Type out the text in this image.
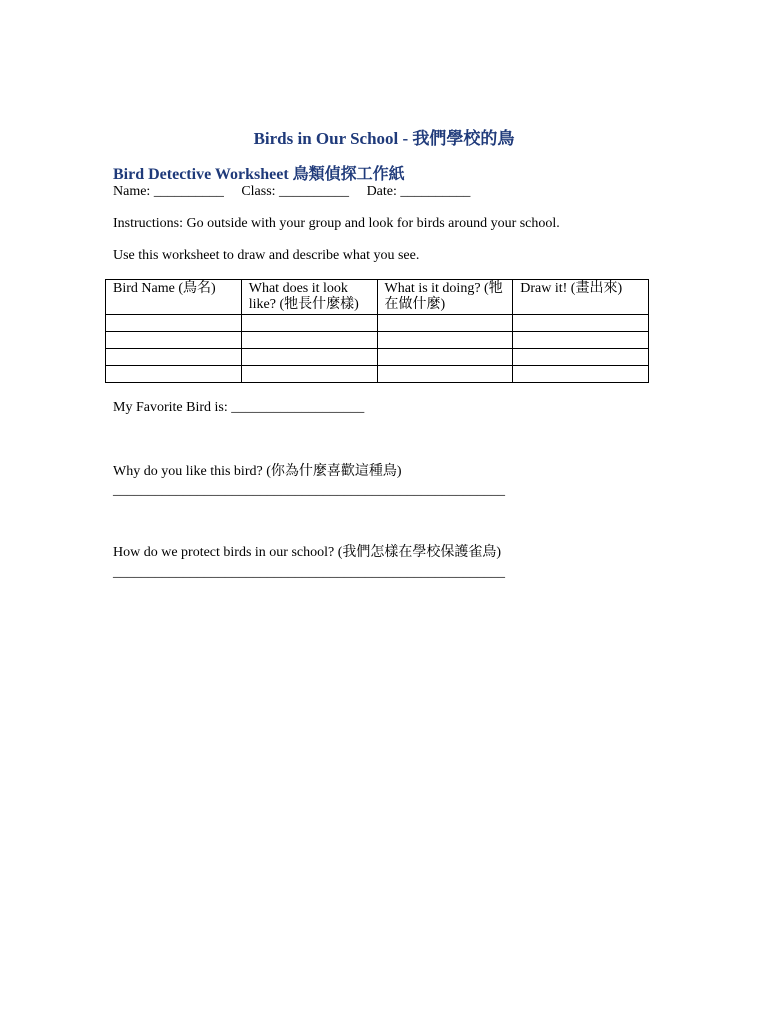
Birds in Our School - 我們學校的鳥
Bird Detective Worksheet 鳥類偵探工作紙

Name: __________ Class: __________ Date: __________

Instructions: Go outside with your group and look for birds around your school.

Use this worksheet to draw and describe what you see.

Bird Name (鳥名)	What does it look like? (牠長什麼樣)	What is it doing? (牠在做什麼)	Draw it! (畫出來)

My Favorite Bird is: ___________________

Why do you like this bird? (你為什麼喜歡這種鳥)

________________________________________________________

How do we protect birds in our school? (我們怎樣在學校保護雀鳥)

________________________________________________________
